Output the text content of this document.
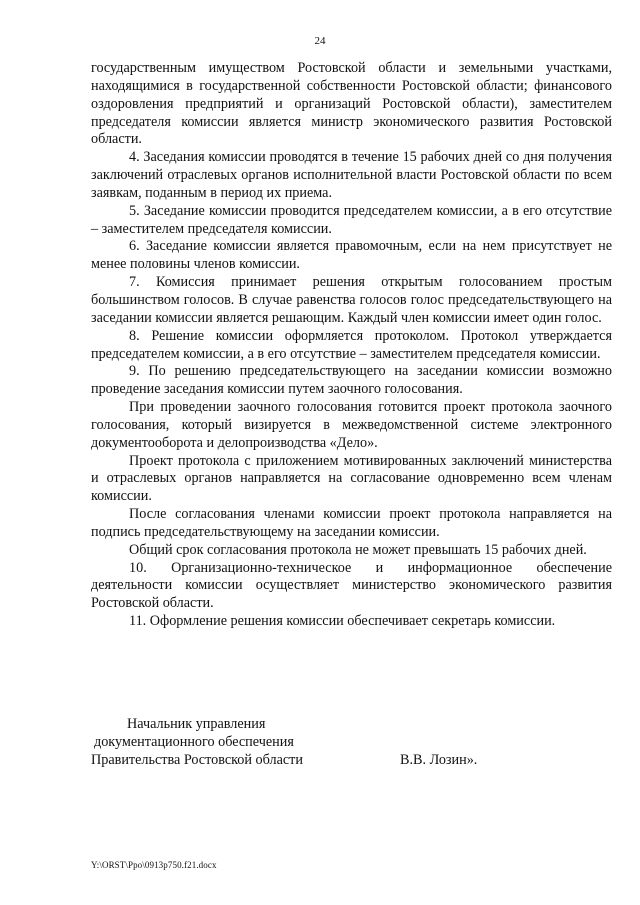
24

государственным имуществом Ростовской области и земельными участками, находящимися в государственной собственности Ростовской области; финансового оздоровления предприятий и организаций Ростовской области), заместителем председателя комиссии является министр экономического развития Ростовской области.

4. Заседания комиссии проводятся в течение 15 рабочих дней со дня получения заключений отраслевых органов исполнительной власти Ростовской области по всем заявкам, поданным в период их приема.

5. Заседание комиссии проводится председателем комиссии, а в его отсутствие – заместителем председателя комиссии.

6. Заседание комиссии является правомочным, если на нем присутствует не менее половины членов комиссии.

7. Комиссия принимает решения открытым голосованием простым большинством голосов. В случае равенства голосов голос председательствующего на заседании комиссии является решающим. Каждый член комиссии имеет один голос.

8. Решение комиссии оформляется протоколом. Протокол утверждается председателем комиссии, а в его отсутствие – заместителем председателя комиссии.

9. По решению председательствующего на заседании комиссии возможно проведение заседания комиссии путем заочного голосования.

При проведении заочного голосования готовится проект протокола заочного голосования, который визируется в межведомственной системе электронного документооборота и делопроизводства «Дело».

Проект протокола с приложением мотивированных заключений министерства и отраслевых органов направляется на согласование одновременно всем членам комиссии.

После согласования членами комиссии проект протокола направляется на подпись председательствующему на заседании комиссии.

Общий срок согласования протокола не может превышать 15 рабочих дней.

10. Организационно-техническое и информационное обеспечение деятельности комиссии осуществляет министерство экономического развития Ростовской области.

11. Оформление решения комиссии обеспечивает секретарь комиссии.

Начальник управления
документационного обеспечения
Правительства Ростовской области	В.В. Лозин».
Y:\ORST\Ppo\0913p750.f21.docx
